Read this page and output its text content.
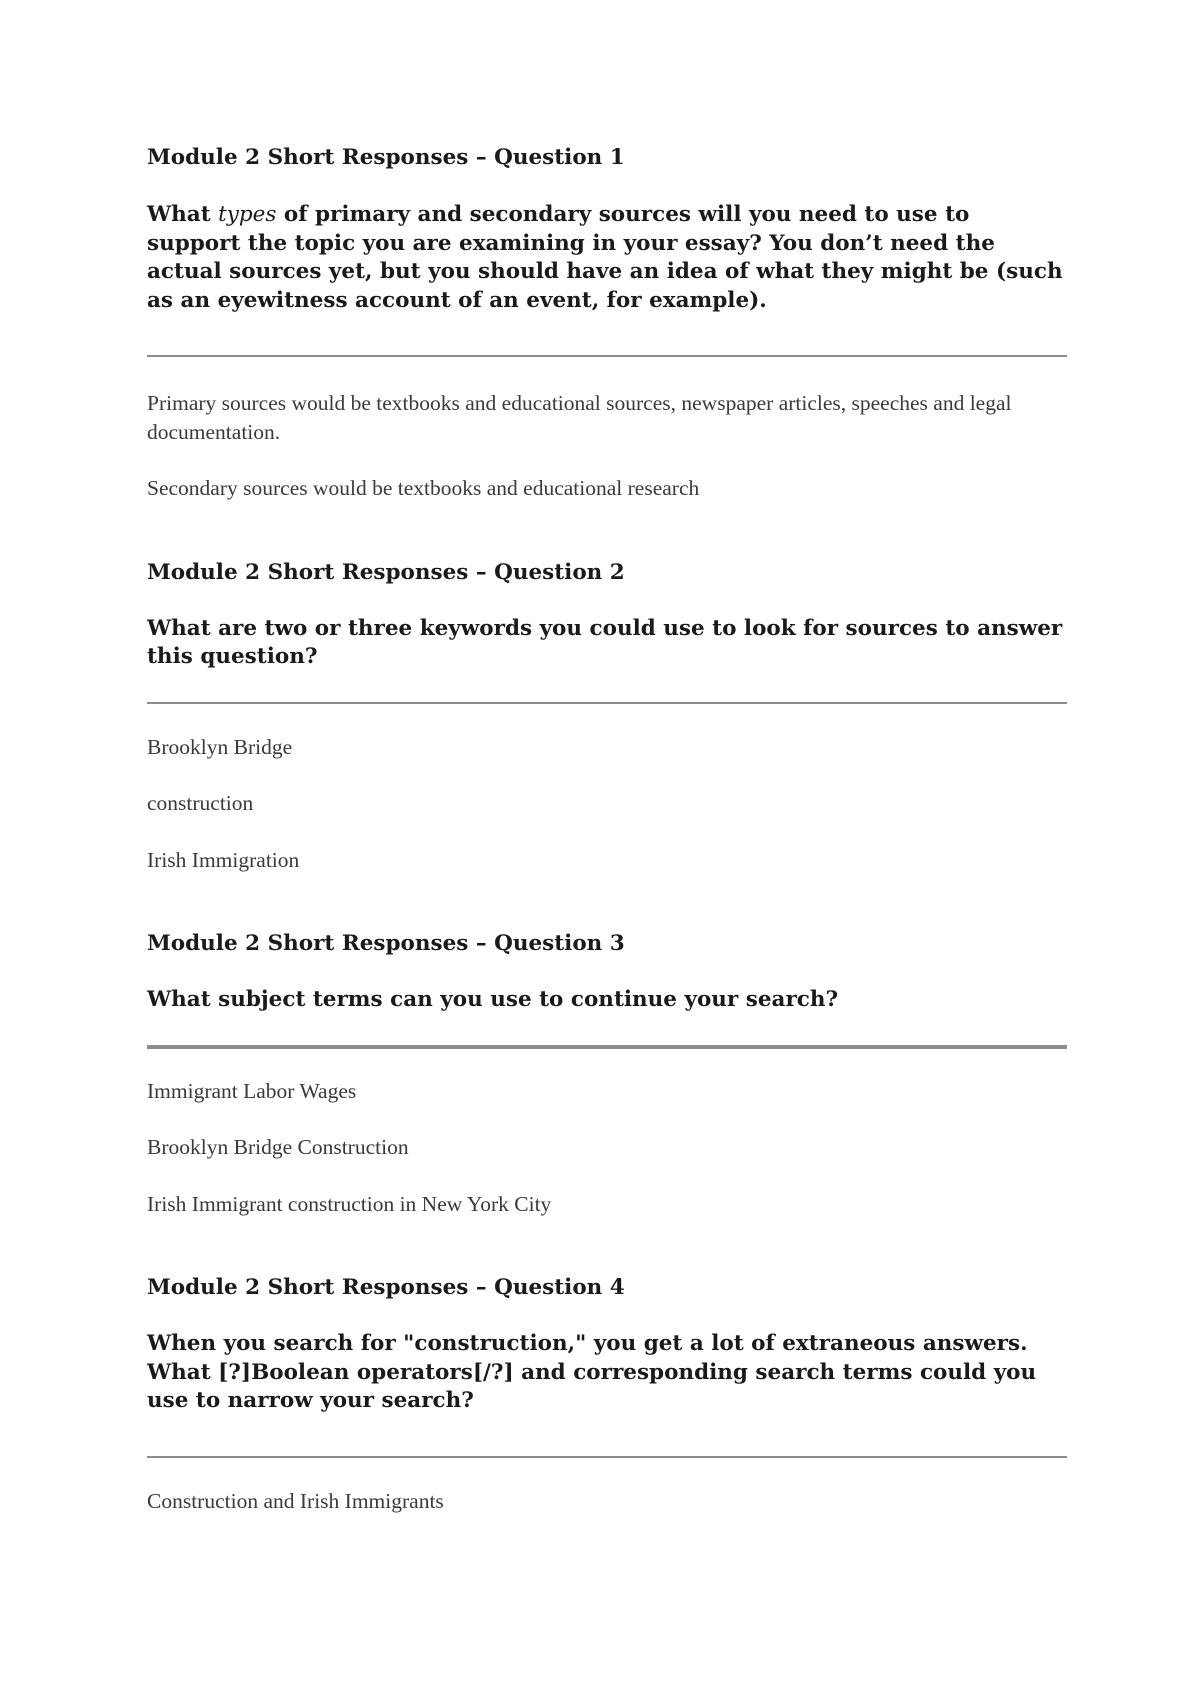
Module 2 Short Responses – Question 1

What types of primary and secondary sources will you need to use to support the topic you are examining in your essay? You don’t need the actual sources yet, but you should have an idea of what they might be (such as an eyewitness account of an event, for example).

Primary sources would be textbooks and educational sources, newspaper articles, speeches and legal documentation.

Secondary sources would be textbooks and educational research

Module 2 Short Responses – Question 2

What are two or three keywords you could use to look for sources to answer this question?

Brooklyn Bridge

construction

Irish Immigration

Module 2 Short Responses – Question 3

What subject terms can you use to continue your search?

Immigrant Labor Wages

Brooklyn Bridge Construction

Irish Immigrant construction in New York City

Module 2 Short Responses – Question 4

When you search for "construction," you get a lot of extraneous answers. What [?]Boolean operators[/?] and corresponding search terms could you use to narrow your search?

Construction and Irish Immigrants
